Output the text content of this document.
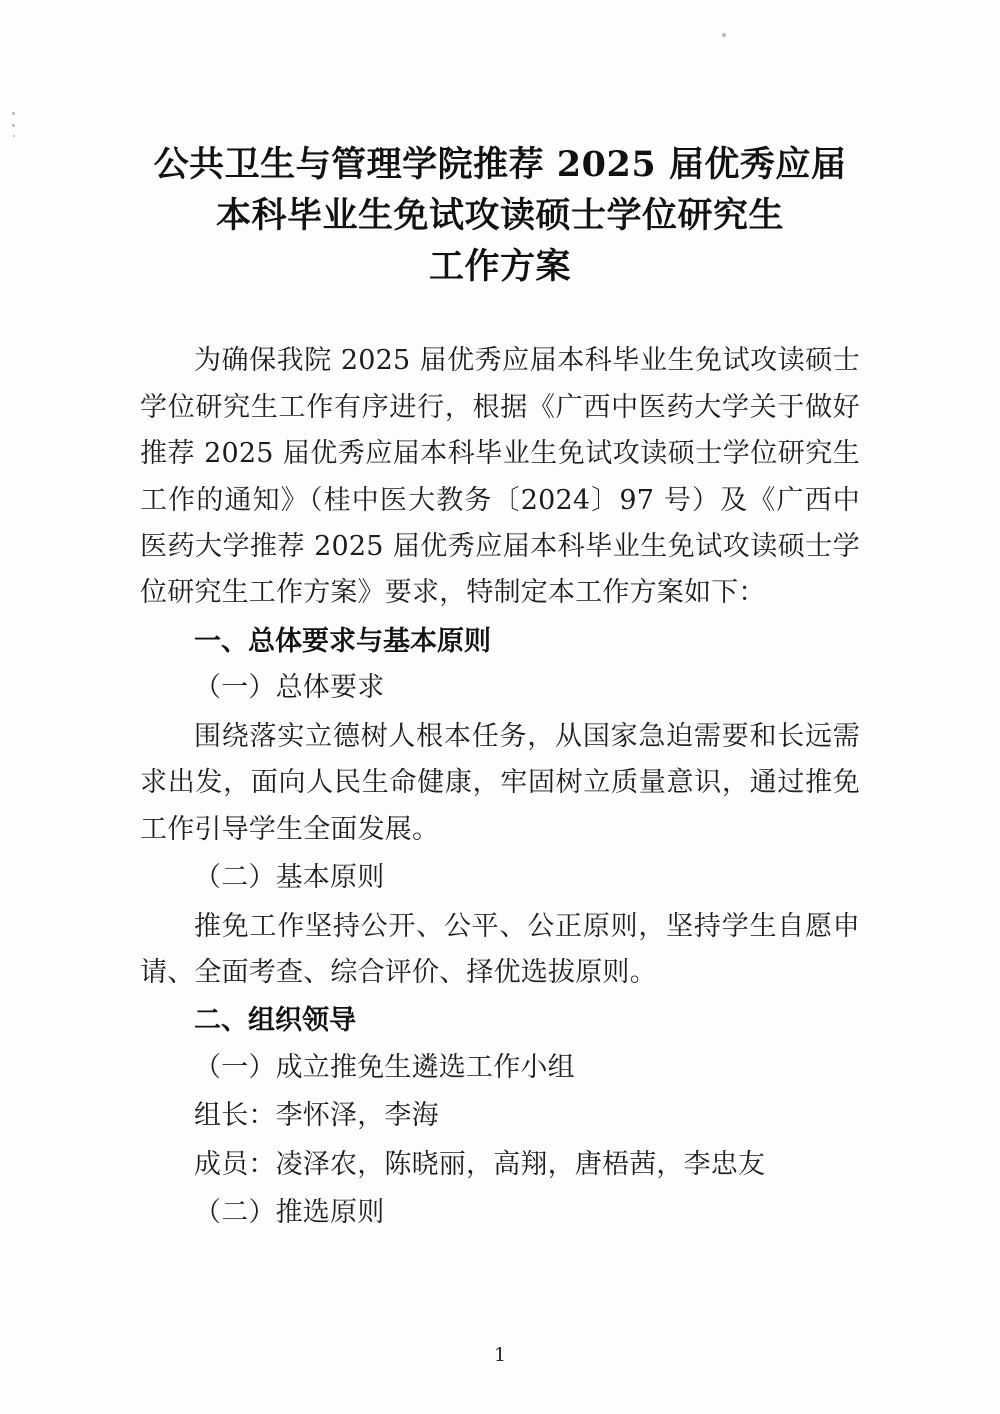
公共卫生与管理学院推荐 2025 届优秀应届
本科毕业生免试攻读硕士学位研究生
工作方案

为确保我院 2025 届优秀应届本科毕业生免试攻读硕士学位研究生工作有序进行，根据《广西中医药大学关于做好推荐 2025 届优秀应届本科毕业生免试攻读硕士学位研究生工作的通知》（桂中医大教务〔2024〕97 号）及《广西中医药大学推荐 2025 届优秀应届本科毕业生免试攻读硕士学位研究生工作方案》要求，特制定本工作方案如下：

一、总体要求与基本原则

（一）总体要求

围绕落实立德树人根本任务，从国家急迫需要和长远需求出发，面向人民生命健康，牢固树立质量意识，通过推免工作引导学生全面发展。

（二）基本原则

推免工作坚持公开、公平、公正原则，坚持学生自愿申请、全面考查、综合评价、择优选拔原则。

二、组织领导

（一）成立推免生遴选工作小组

组长：李怀泽，李海

成员：凌泽农，陈晓丽，高翔，唐梧茜，李忠友

（二）推选原则

1
